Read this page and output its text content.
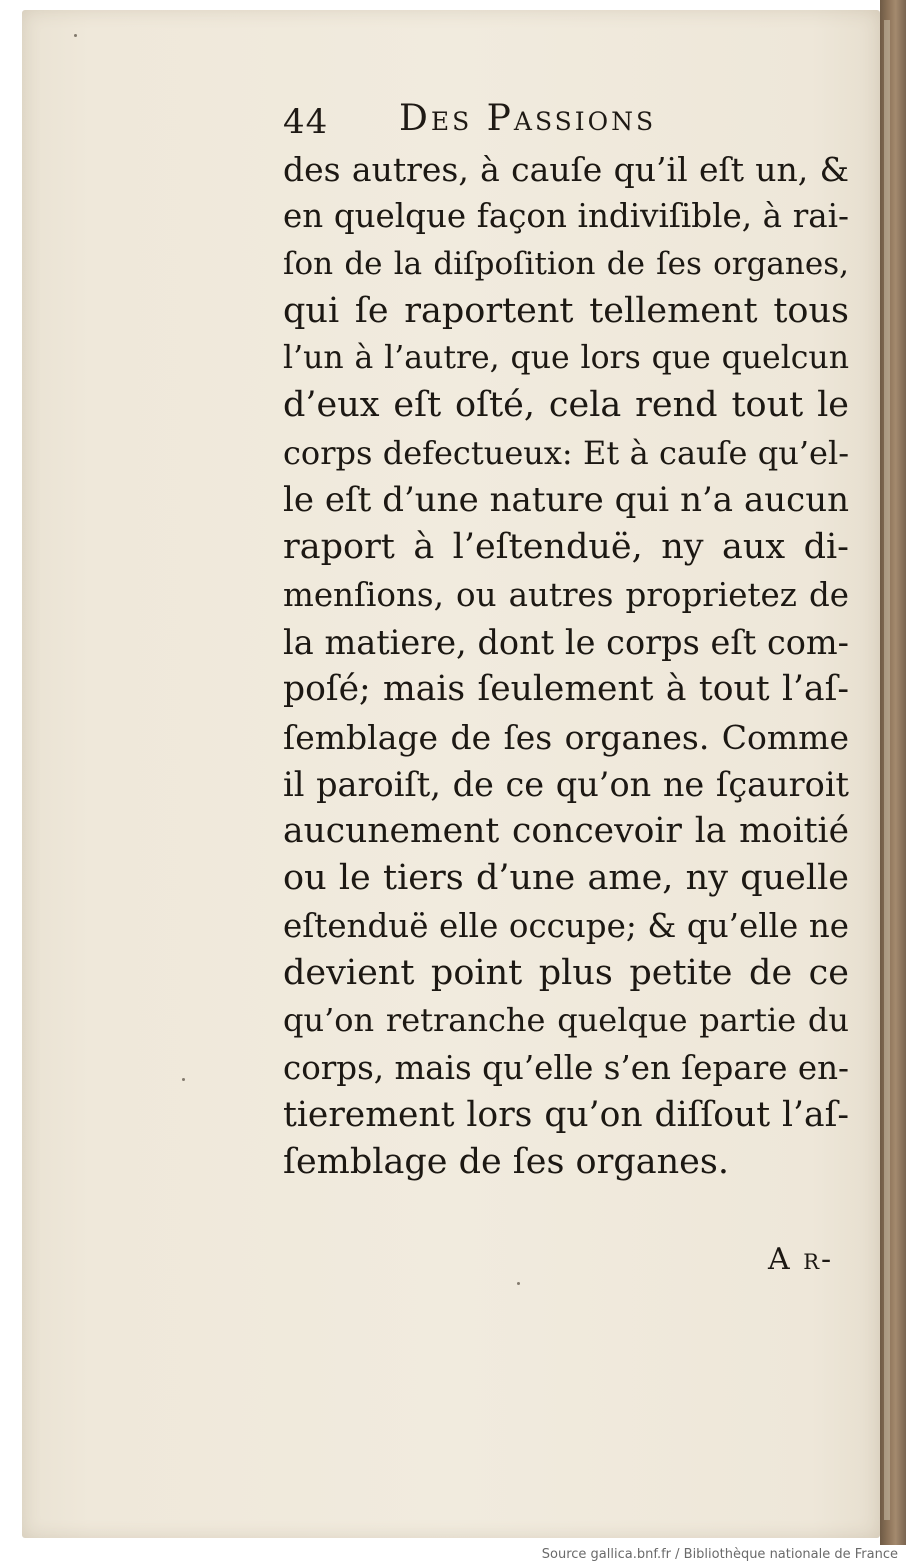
44 Des Passions
des autres, à cauſe qu’il eſt un, &
en quelque façon indiviſible, à rai-
ſon de la diſpoſition de ſes organes,
qui ſe raportent tellement tous
l’un à l’autre, que lors que quelcun
d’eux eſt oſté, cela rend tout le
corps defectueux: Et à cauſe qu’el-
le eſt d’une nature qui n’a aucun
raport à l’eſtenduë, ny aux di-
menſions, ou autres proprietez de
la matiere, dont le corps eſt com-
poſé; mais ſeulement à tout l’aſ-
ſemblage de ſes organes. Comme
il paroiſt, de ce qu’on ne ſçauroit
aucunement concevoir la moitié
ou le tiers d’une ame, ny quelle
eſtenduë elle occupe; & qu’elle ne
devient point plus petite de ce
qu’on retranche quelque partie du
corps, mais qu’elle s’en ſepare en-
tierement lors qu’on diſſout l’aſ-
ſemblage de ſes organes.
A r-
Source gallica.bnf.fr / Bibliothèque nationale de France
